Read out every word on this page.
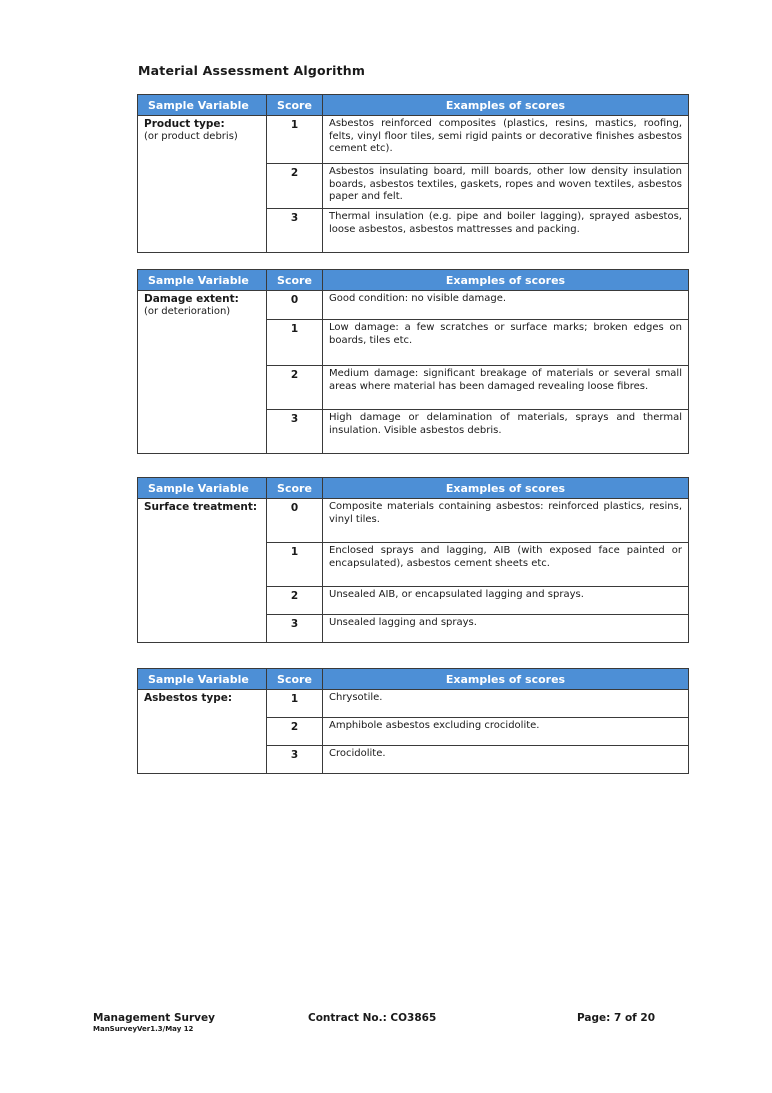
Material Assessment Algorithm
Sample Variable	Score	Examples of scores

Product type:
(or product debris)	1	Asbestos reinforced composites (plastics, resins, mastics, roofing, felts, vinyl floor tiles, semi rigid paints or decorative finishes asbestos cement etc).
	2	Asbestos insulating board, mill boards, other low density insulation boards, asbestos textiles, gaskets, ropes and woven textiles, asbestos paper and felt.
	3	Thermal insulation (e.g. pipe and boiler lagging), sprayed asbestos, loose asbestos, asbestos mattresses and packing.
Sample Variable	Score	Examples of scores

Damage extent:
(or deterioration)	0	Good condition: no visible damage.
	1	Low damage: a few scratches or surface marks; broken edges on boards, tiles etc.
	2	Medium damage: significant breakage of materials or several small areas where material has been damaged revealing loose fibres.
	3	High damage or delamination of materials, sprays and thermal insulation. Visible asbestos debris.
Sample Variable	Score	Examples of scores

Surface treatment:	0	Composite materials containing asbestos: reinforced plastics, resins, vinyl tiles.
	1	Enclosed sprays and lagging, AIB (with exposed face painted or encapsulated), asbestos cement sheets etc.
	2	Unsealed AIB, or encapsulated lagging and sprays.
	3	Unsealed lagging and sprays.
Sample Variable	Score	Examples of scores

Asbestos type:	1	Chrysotile.
	2	Amphibole asbestos excluding crocidolite.
	3	Crocidolite.
Management Survey
ManSurveyVer1.3/May 12
Contract No.: CO3865	Page: 7 of 20
